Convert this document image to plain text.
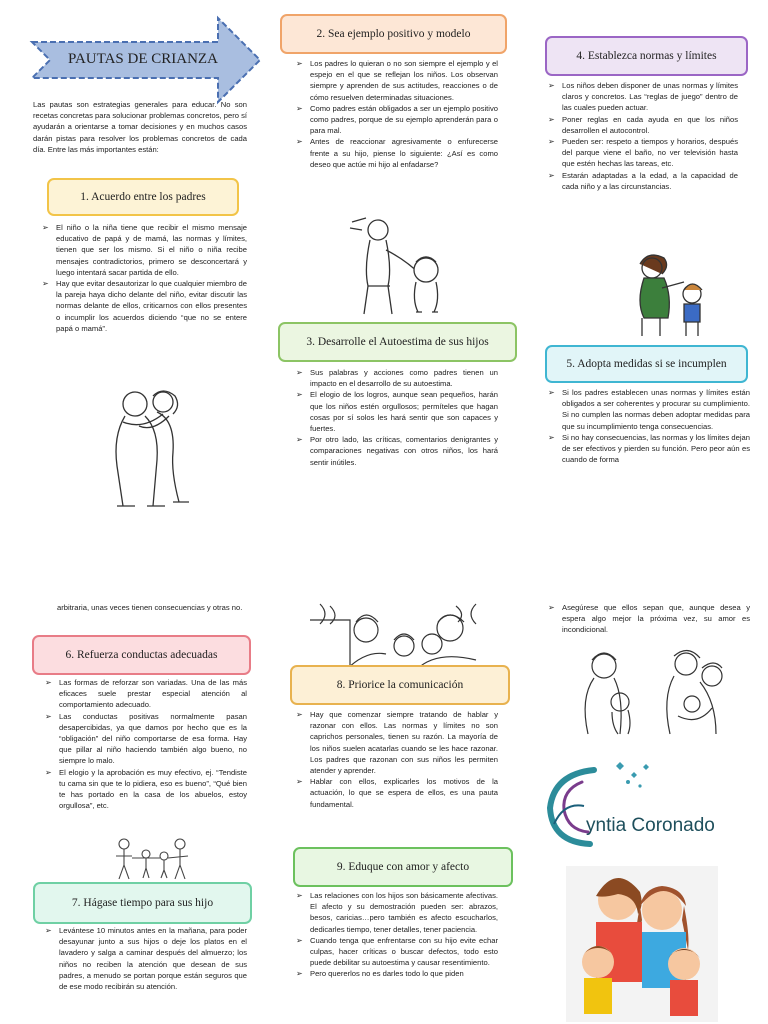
PAUTAS DE CRIANZA
Las pautas son estrategias generales para educar. No son recetas concretas para solucionar problemas concretos, pero sí ayudarán a orientarse a tomar decisiones y en muchos casos darán pistas para resolver los problemas concretos de cada día. Entre las más importantes están:
1. Acuerdo entre los padres
➢ El niño o la niña tiene que recibir el mismo mensaje educativo de papá y de mamá, las normas y límites, tienen que ser los mismo. Si el niño o niña recibe mensajes contradictorios, primero se desconcertará y luego intentará sacar partida de ello.
➢ Hay que evitar desautorizar lo que cualquier miembro de la pareja haya dicho delante del niño, evitar discutir las normas delante de ellos, criticarnos con ellos presentes o incumplir los acuerdos diciendo “que no se entere papá o mamá”.
2. Sea ejemplo positivo y modelo
➢ Los padres lo quieran o no son siempre el ejemplo y el espejo en el que se reflejan los niños. Los observan siempre y aprenden de sus actitudes, reacciones o de cómo resuelven determinadas situaciones.
➢ Como padres están obligados a ser un ejemplo positivo como padres, porque de su ejemplo aprenderán para o para mal.
➢ Antes de reaccionar agresivamente o enfurecerse frente a su hijo, piense lo siguiente: ¿Así es como deseo que actúe mi hijo al enfadarse?
3. Desarrolle el Autoestima de sus hijos
➢ Sus palabras y acciones como padres tienen un impacto en el desarrollo de su autoestima.
➢ El elogio de los logros, aunque sean pequeños, harán que los niños estén orgullosos; permíteles que hagan cosas por sí solos les hará sentir que son capaces y fuertes.
➢ Por otro lado, las críticas, comentarios denigrantes y comparaciones negativas con otros niños, los hará sentir inútiles.
4. Establezca normas y límites
➢ Los niños deben disponer de unas normas y límites claros y concretos. Las “reglas de juego” dentro de las cuales pueden actuar.
➢ Poner reglas en cada ayuda en que los niños desarrollen el autocontrol.
➢ Pueden ser: respeto a tiempos y horarios, después del parque viene el baño, no ver televisión hasta que estén hechas las tareas, etc.
➢ Estarán adaptadas a la edad, a la capacidad de cada niño y a las circunstancias.
5. Adopta medidas si se incumplen
➢ Si los padres establecen unas normas y límites están obligados a ser coherentes y procurar su cumplimiento. Si no cumplen las normas deben adoptar medidas para que su incumplimiento tenga consecuencias.
➢ Si no hay consecuencias, las normas y los límites dejan de ser efectivos y pierden su función. Pero peor aún es cuando de forma
arbitraria, unas veces tienen consecuencias y otras no.
6. Refuerza conductas adecuadas
➢ Las formas de reforzar son variadas. Una de las más eficaces suele prestar especial atención al comportamiento adecuado.
➢ Las conductas positivas normalmente pasan desapercibidas, ya que damos por hecho que es la “obligación” del niño comportarse de esa forma. Hay que pillar al niño haciendo también algo bueno, no siempre lo malo.
➢ El elogio y la aprobación es muy efectivo, ej. “Tendiste tu cama sin que te lo pidiera, eso es bueno”, “Qué bien te has portado en la casa de los abuelos, estoy orgullosa”, etc.
7. Hágase tiempo para sus hijo
➢ Levántese 10 minutos antes en la mañana, para poder desayunar junto a sus hijos o deje los platos en el lavadero y salga a caminar después del almuerzo; los niños no reciben la atención que desean de sus padres, a menudo se portan porque están seguros que de ese modo recibirán su atención.
8. Priorice la comunicación
➢ Hay que comenzar siempre tratando de hablar y razonar con ellos. Las normas y límites no son caprichos personales, tienen su razón. La mayoría de los niños suelen acatarlas cuando se les hace razonar. Los padres que razonan con sus niños les permiten atender y aprender.
➢ Hablar con ellos, explicarles los motivos de la actuación, lo que se espera de ellos, es una pauta fundamental.
9. Eduque con amor y afecto
➢ Las relaciones con los hijos son básicamente afectivas. El afecto y su demostración pueden ser: abrazos, besos, caricias…pero también es afecto escucharlos, dedicarles tiempo, tener detalles, tener paciencia.
➢ Cuando tenga que enfrentarse con su hijo evite echar culpas, hacer críticas o buscar defectos, todo esto puede debilitar su autoestima y causar resentimiento.
➢ Pero quererlos no es darles todo lo que piden
➢ Asegúrese que ellos sepan que, aunque desea y espera algo mejor la próxima vez, su amor es incondicional.
yntia Coronado
